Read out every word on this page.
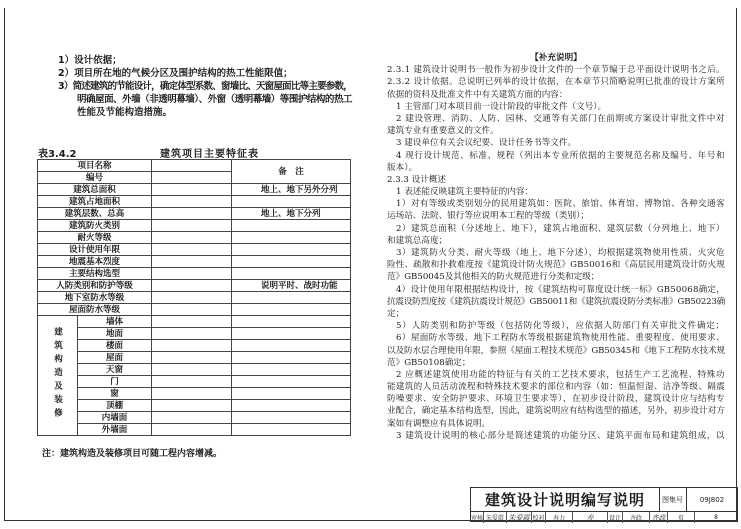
1）设计依据；
2）项目所在地的气候分区及围护结构的热工性能限值；
3）简述建筑的节能设计，确定体型系数、窗墙比、天窗屋面比等主要参数，
明确屋面、外墙（非透明幕墙）、外窗（透明幕墙）等围护结构的热工
性能及节能构造措施。
表3.4.2	建筑项目主要特征表
项目名称			备　注
编号			
建筑总面积			地上、地下另外分列
建筑占地面积			
建筑层数、总高			地上、地下分列
建筑防火类别			
耐火等级			
设计使用年限			
地震基本烈度			
主要结构选型			
人防类别和防护等级			说明平时、战时功能
地下室防水等级			
屋面防水等级			
建筑构造及装修	墙体		
	地面		
	楼面		
	屋面		
	天窗		
	门		
	窗		
	顶棚		
	内墙面		
	外墙面		
注：建筑构造及装修项目可随工程内容增减。
【补充说明】
2.3.1 建筑设计说明书一般作为初步设计文件的一个章节编于总平面设计说明书之后。
2.3.2 设计依据。总说明已列举的设计依据，在本章节只简略说明已批准的设计方案所
依据的资料及批准文件中有关建筑方面的内容：
1 主管部门对本项目前一设计阶段的审批文件（文号）。
2 建设管理、消防、人防、园林、交通等有关部门在前期或方案设计审批文件中对
建筑专业有重要意义的文件。
3 建设单位有关会议纪要、设计任务书等文件。
4 现行设计规范、标准、规程（列出本专业所依据的主要规范名称及编号、年号和
版本）。
2.3.3 设计概述
1 表述能反映建筑主要特征的内容：
1）对有等级或类别划分的民用建筑如：医院、旅馆、体育馆、博物馆、各种交通客
运场站、法院、银行等应说明本工程的等级（类别）；
2）建筑总面积（分述地上、地下），建筑占地面积、建筑层数（分列地上、地下）
和建筑总高度；
3）建筑防火分类、耐火等级（地上、地下分述），均根据建筑物使用性质、火灾危
险性、疏散和扑救难度按《建筑设计防火规范》GB50016和《高层民用建筑设计防火规
范》GB50045及其他相关的防火规范进行分类和定级；
4）设计使用年限根据结构设计，按《建筑结构可靠度设计统一标》GB50068确定，
抗震设防烈度按《建筑抗震设计规范》GB50011和《建筑抗震设防分类标准》GB50223确
定；
5）人防类别和防护等级（包括防化等级），应依据人防部门有关审批文件确定；
6）屋面防水等级、地下工程防水等级根据建筑物使用性能、重要程度、使用要求、
以及防水层合理使用年限，参照《屋面工程技术规范》GB50345和《地下工程防水技术规
范》GB50108确定；
2 应概述建筑使用功能的特征与有关的工艺技术要求，包括生产工艺流程、特殊功
能建筑的人员活动流程和特殊技术要求的部位和内容（如：恒温恒湿、洁净等级、隔震
防噪要求、安全防护要求、环境卫生要求等），在初步设计阶段，建筑设计应与结构专
业配合，确定基本结构选型，因此，建筑说明应有结构选型的描述，另外，初步设计对方
案如有调整应有具体说明。
3 建筑设计说明的核心部分是简述建筑的功能分区、建筑平面布局和建筑组成，以
建筑设计说明编写说明	图集号	09J802
审核 朱爱霞 朱爱霞 校对	寿力	寿	设计	齐政	齐政	页	8
